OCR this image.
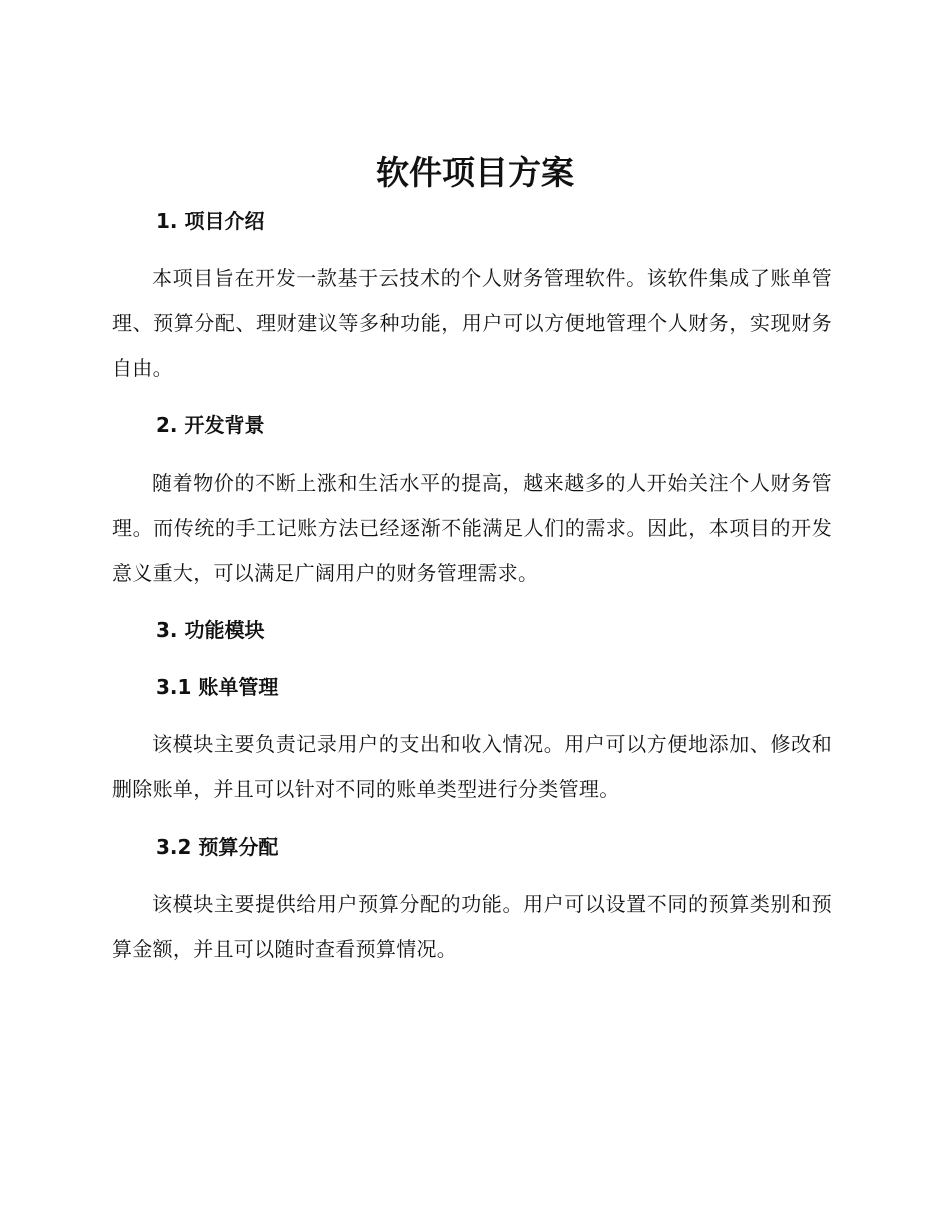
软件项目方案
1. 项目介绍

本项目旨在开发一款基于云技术的个人财务管理软件。该软件集成了账单管理、预算分配、理财建议等多种功能，用户可以方便地管理个人财务，实现财务自由。

2. 开发背景

随着物价的不断上涨和生活水平的提高，越来越多的人开始关注个人财务管理。而传统的手工记账方法已经逐渐不能满足人们的需求。因此，本项目的开发意义重大，可以满足广阔用户的财务管理需求。

3. 功能模块
3.1 账单管理

该模块主要负责记录用户的支出和收入情况。用户可以方便地添加、修改和删除账单，并且可以针对不同的账单类型进行分类管理。

3.2 预算分配

该模块主要提供给用户预算分配的功能。用户可以设置不同的预算类别和预算金额，并且可以随时查看预算情况。
